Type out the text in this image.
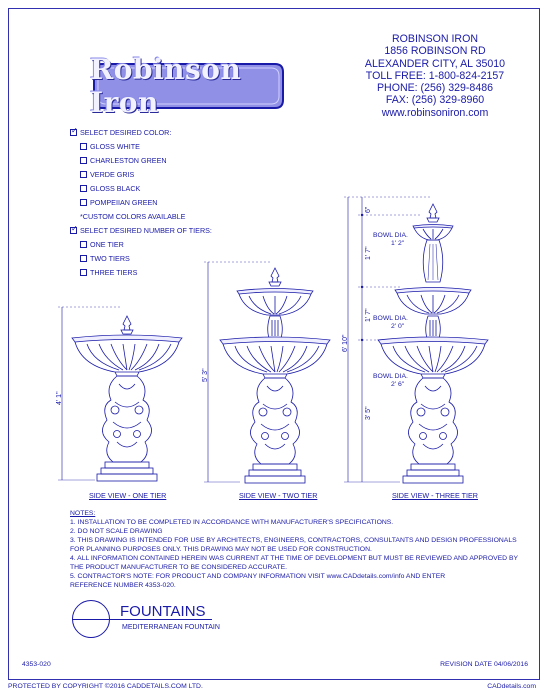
Robinson Iron
ROBINSON IRON
1856 ROBINSON RD
ALEXANDER CITY, AL 35010
TOLL FREE: 1-800-824-2157
PHONE: (256) 329-8486
FAX: (256) 329-8960
www.robinsoniron.com
✓
SELECT DESIRED COLOR:
GLOSS WHITE
CHARLESTON GREEN
VERDE GRIS
GLOSS BLACK
POMPEIIAN GREEN
*CUSTOM COLORS AVAILABLE
✓
SELECT DESIRED NUMBER OF TIERS:
ONE TIER
TWO TIERS
THREE TIERS
4' 1"
5' 3"
6' 10"
6"
1' 7"
1' 7"
3' 5"
BOWL DIA.
1' 2"
BOWL DIA.
2' 0"
BOWL DIA.
2' 6"
SIDE VIEW - ONE TIER	SIDE VIEW - TWO TIER	SIDE VIEW - THREE TIER
NOTES:
1. INSTALLATION TO BE COMPLETED IN ACCORDANCE WITH MANUFACTURER'S SPECIFICATIONS.
2. DO NOT SCALE DRAWING
3. THIS DRAWING IS INTENDED FOR USE BY ARCHITECTS, ENGINEERS, CONTRACTORS, CONSULTANTS AND DESIGN PROFESSIONALS
FOR PLANNING PURPOSES ONLY. THIS DRAWING MAY NOT BE USED FOR CONSTRUCTION.
4. ALL INFORMATION CONTAINED HEREIN WAS CURRENT AT THE TIME OF DEVELOPMENT BUT MUST BE REVIEWED AND APPROVED BY
THE PRODUCT MANUFACTURER TO BE CONSIDERED ACCURATE.
5. CONTRACTOR'S NOTE: FOR PRODUCT AND COMPANY INFORMATION VISIT www.CADdetails.com/info AND ENTER
REFERENCE NUMBER 4353-020.
FOUNTAINS
MEDITERRANEAN FOUNTAIN
4353-020	REVISION DATE 04/06/2016
PROTECTED BY COPYRIGHT ©2016 CADDETAILS.COM LTD.	CADdetails.com
